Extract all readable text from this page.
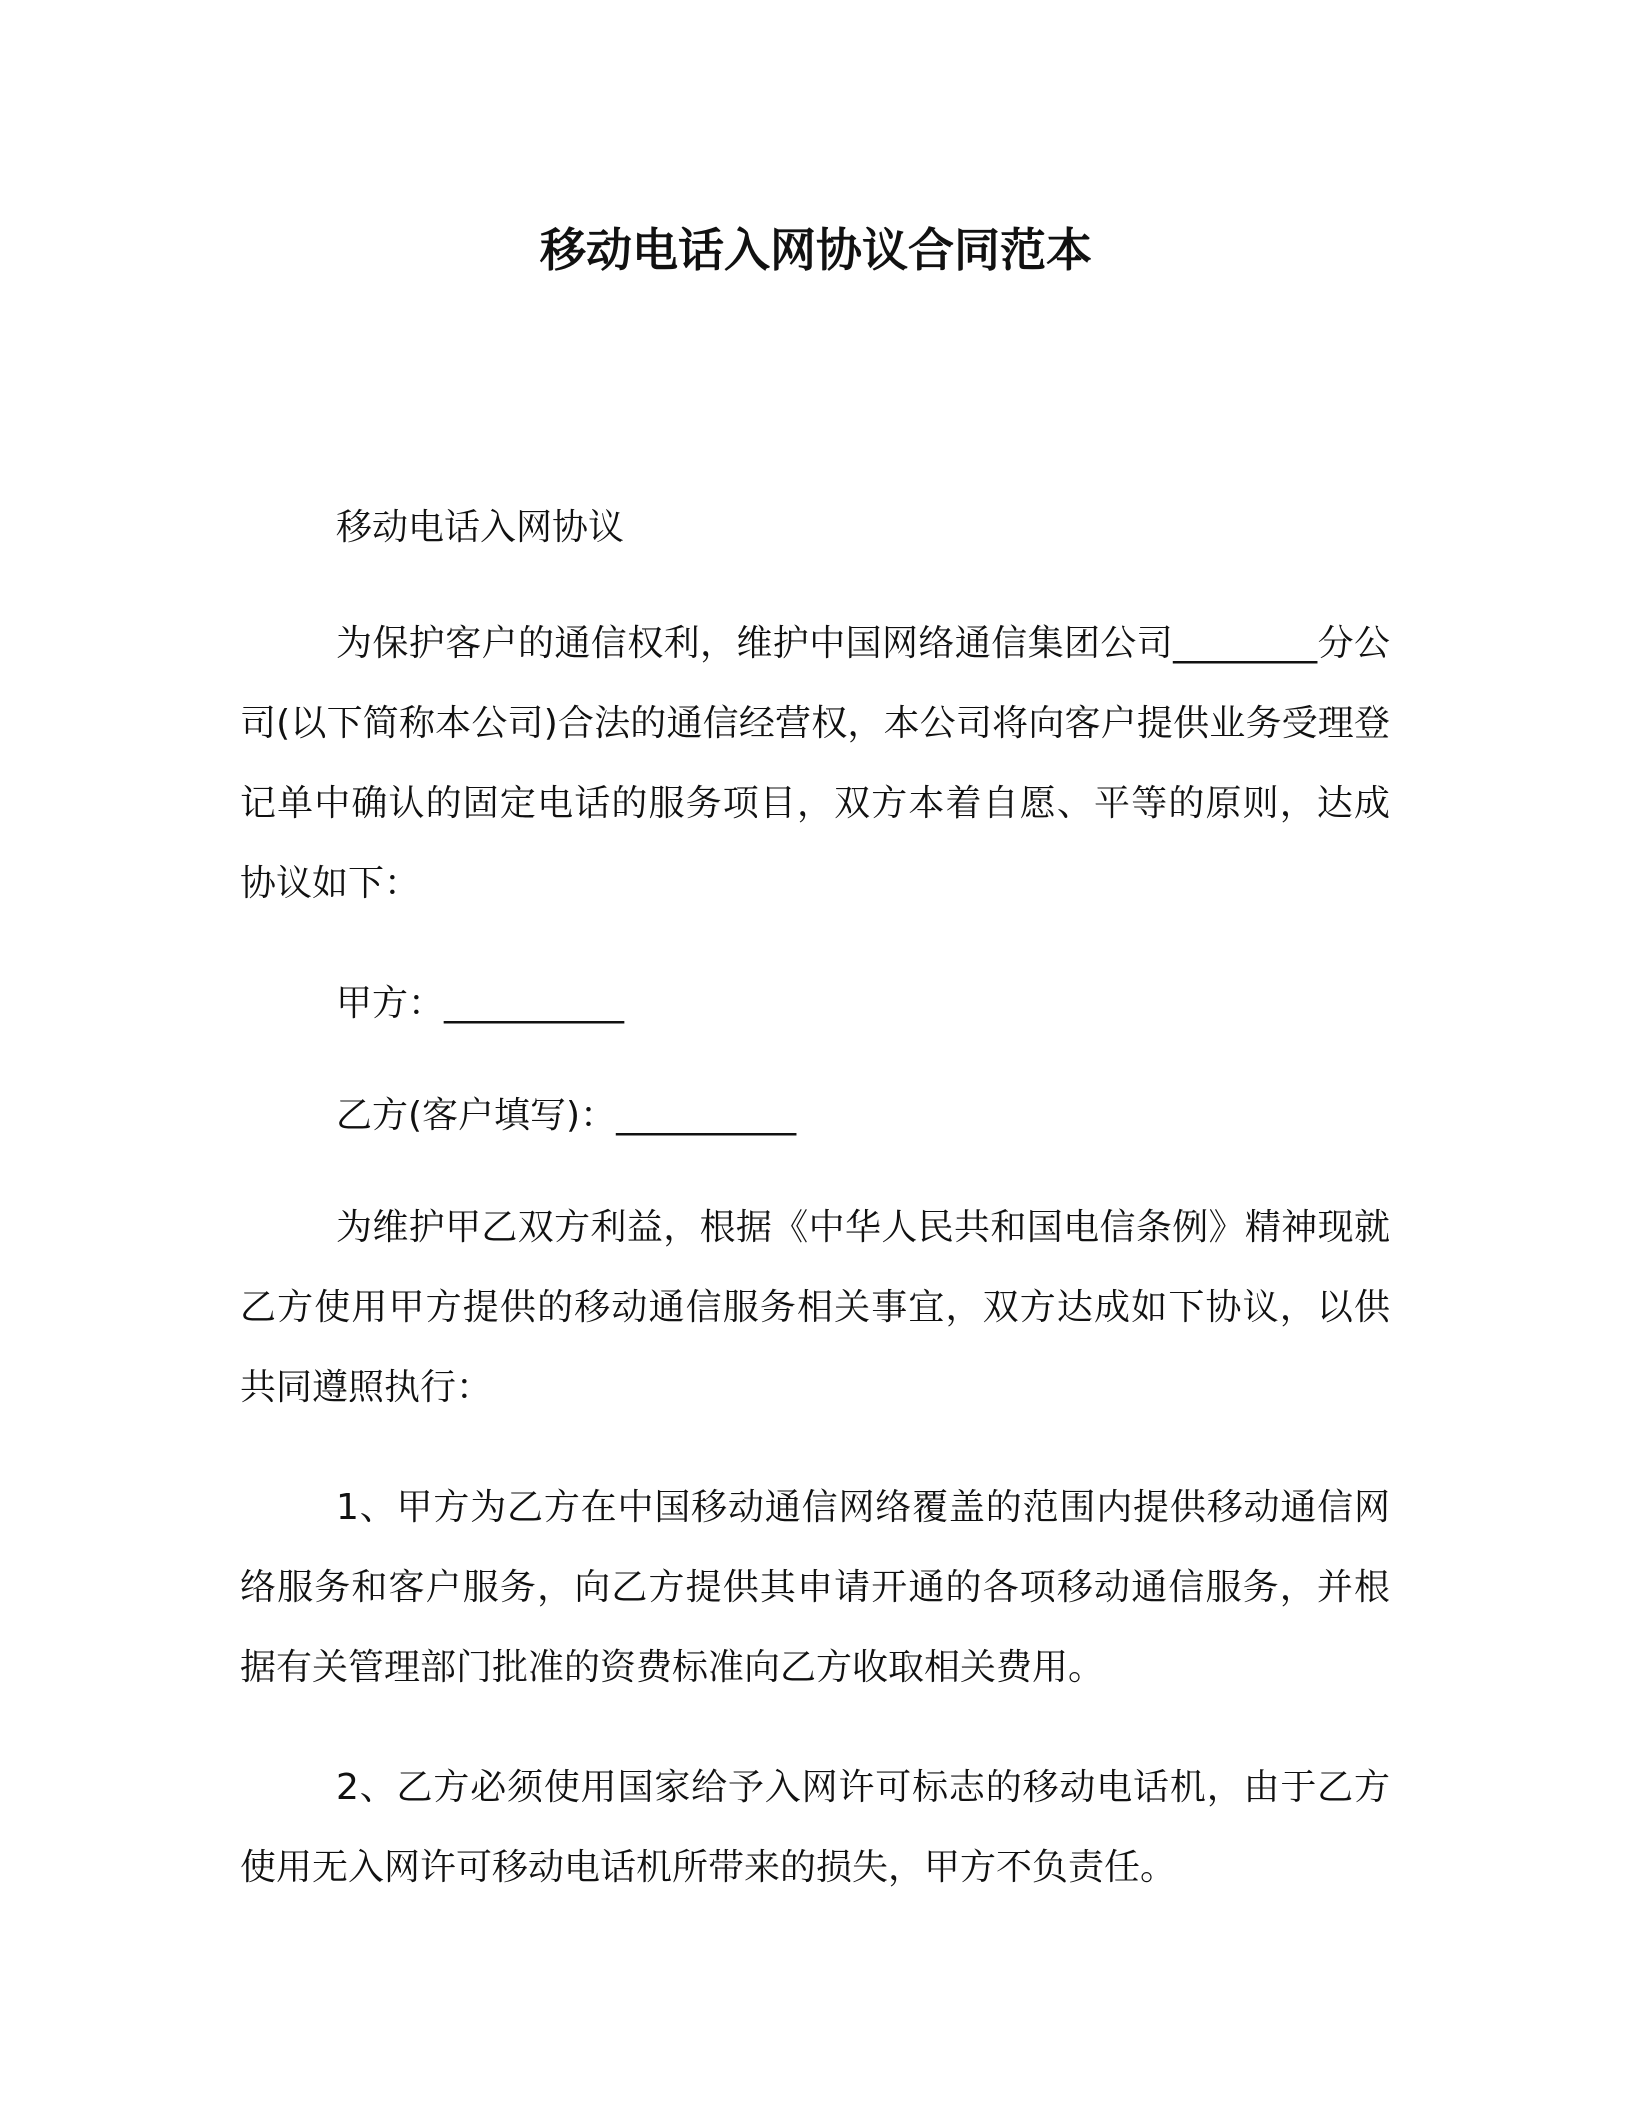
移动电话入网协议合同范本

移动电话入网协议

为保护客户的通信权利，维护中国网络通信集团公司________分公司(以下简称本公司)合法的通信经营权，本公司将向客户提供业务受理登记单中确认的固定电话的服务项目，双方本着自愿、平等的原则，达成协议如下：

甲方：__________

乙方(客户填写)：__________

为维护甲乙双方利益，根据《中华人民共和国电信条例》精神现就乙方使用甲方提供的移动通信服务相关事宜，双方达成如下协议，以供共同遵照执行：

1、甲方为乙方在中国移动通信网络覆盖的范围内提供移动通信网络服务和客户服务，向乙方提供其申请开通的各项移动通信服务，并根据有关管理部门批准的资费标准向乙方收取相关费用。

2、乙方必须使用国家给予入网许可标志的移动电话机，由于乙方使用无入网许可移动电话机所带来的损失，甲方不负责任。
